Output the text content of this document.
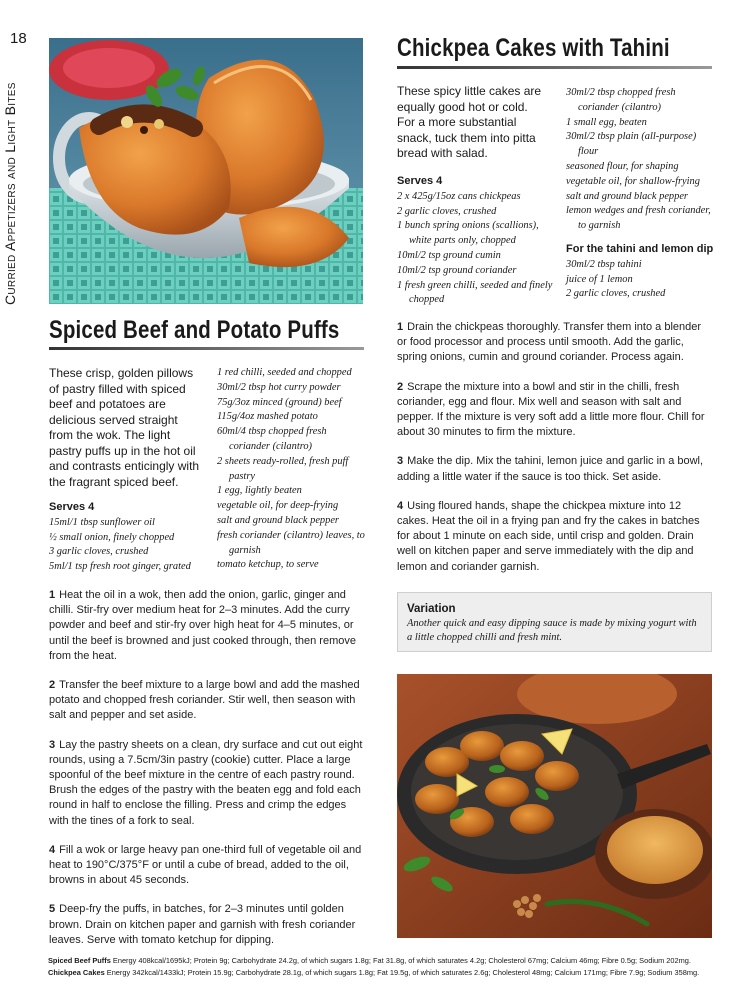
18
Curried Appetizers and Light Bites
Spiced Beef and Potato Puffs
These crisp, golden pillows of pastry filled with spiced beef and potatoes are delicious served straight from the wok. The light pastry puffs up in the hot oil and contrasts enticingly with the fragrant spiced beef.
Serves 4
15ml/1 tbsp sunflower oil
½ small onion, finely chopped
3 garlic cloves, crushed
5ml/1 tsp fresh root ginger, grated
1 red chilli, seeded and chopped
30ml/2 tbsp hot curry powder
75g/3oz minced (ground) beef
115g/4oz mashed potato
60ml/4 tbsp chopped fresh coriander (cilantro)
2 sheets ready-rolled, fresh puff pastry
1 egg, lightly beaten
vegetable oil, for deep-frying
salt and ground black pepper
fresh coriander (cilantro) leaves, to garnish
tomato ketchup, to serve

1 Heat the oil in a wok, then add the onion, garlic, ginger and chilli. Stir-fry over medium heat for 2–3 minutes. Add the curry powder and beef and stir-fry over high heat for 4–5 minutes, or until the beef is browned and just cooked through, then remove from the heat.

2 Transfer the beef mixture to a large bowl and add the mashed potato and chopped fresh coriander. Stir well, then season with salt and pepper and set aside.

3 Lay the pastry sheets on a clean, dry surface and cut out eight rounds, using a 7.5cm/3in pastry (cookie) cutter. Place a large spoonful of the beef mixture in the centre of each pastry round. Brush the edges of the pastry with the beaten egg and fold each round in half to enclose the filling. Press and crimp the edges with the tines of a fork to seal.

4 Fill a wok or large heavy pan one-third full of vegetable oil and heat to 190°C/375°F or until a cube of bread, added to the oil, browns in about 45 seconds.

5 Deep-fry the puffs, in batches, for 2–3 minutes until golden brown. Drain on kitchen paper and garnish with fresh coriander leaves. Serve with tomato ketchup for dipping.

Chickpea Cakes with Tahini
These spicy little cakes are equally good hot or cold. For a more substantial snack, tuck them into pitta bread with salad.
Serves 4
2 x 425g/15oz cans chickpeas
2 garlic cloves, crushed
1 bunch spring onions (scallions), white parts only, chopped
10ml/2 tsp ground cumin
10ml/2 tsp ground coriander
1 fresh green chilli, seeded and finely chopped
30ml/2 tbsp chopped fresh coriander (cilantro)
1 small egg, beaten
30ml/2 tbsp plain (all-purpose) flour
seasoned flour, for shaping
vegetable oil, for shallow-frying
salt and ground black pepper
lemon wedges and fresh coriander, to garnish
For the tahini and lemon dip
30ml/2 tbsp tahini
juice of 1 lemon
2 garlic cloves, crushed

1 Drain the chickpeas thoroughly. Transfer them into a blender or food processor and process until smooth. Add the garlic, spring onions, cumin and ground coriander. Process again.

2 Scrape the mixture into a bowl and stir in the chilli, fresh coriander, egg and flour. Mix well and season with salt and pepper. If the mixture is very soft add a little more flour. Chill for about 30 minutes to firm the mixture.

3 Make the dip. Mix the tahini, lemon juice and garlic in a bowl, adding a little water if the sauce is too thick. Set aside.

4 Using floured hands, shape the chickpea mixture into 12 cakes. Heat the oil in a frying pan and fry the cakes in batches for about 1 minute on each side, until crisp and golden. Drain well on kitchen paper and serve immediately with the dip and lemon and coriander garnish.

Variation
Another quick and easy dipping sauce is made by mixing yogurt with a little chopped chilli and fresh mint.
Spiced Beef Puffs Energy 408kcal/1695kJ; Protein 9g; Carbohydrate 24.2g, of which sugars 1.8g; Fat 31.8g, of which saturates 4.2g; Cholesterol 67mg; Calcium 46mg; Fibre 0.5g; Sodium 202mg.
Chickpea Cakes Energy 342kcal/1433kJ; Protein 15.9g; Carbohydrate 28.1g, of which sugars 1.8g; Fat 19.5g, of which saturates 2.6g; Cholesterol 48mg; Calcium 171mg; Fibre 7.9g; Sodium 358mg.
